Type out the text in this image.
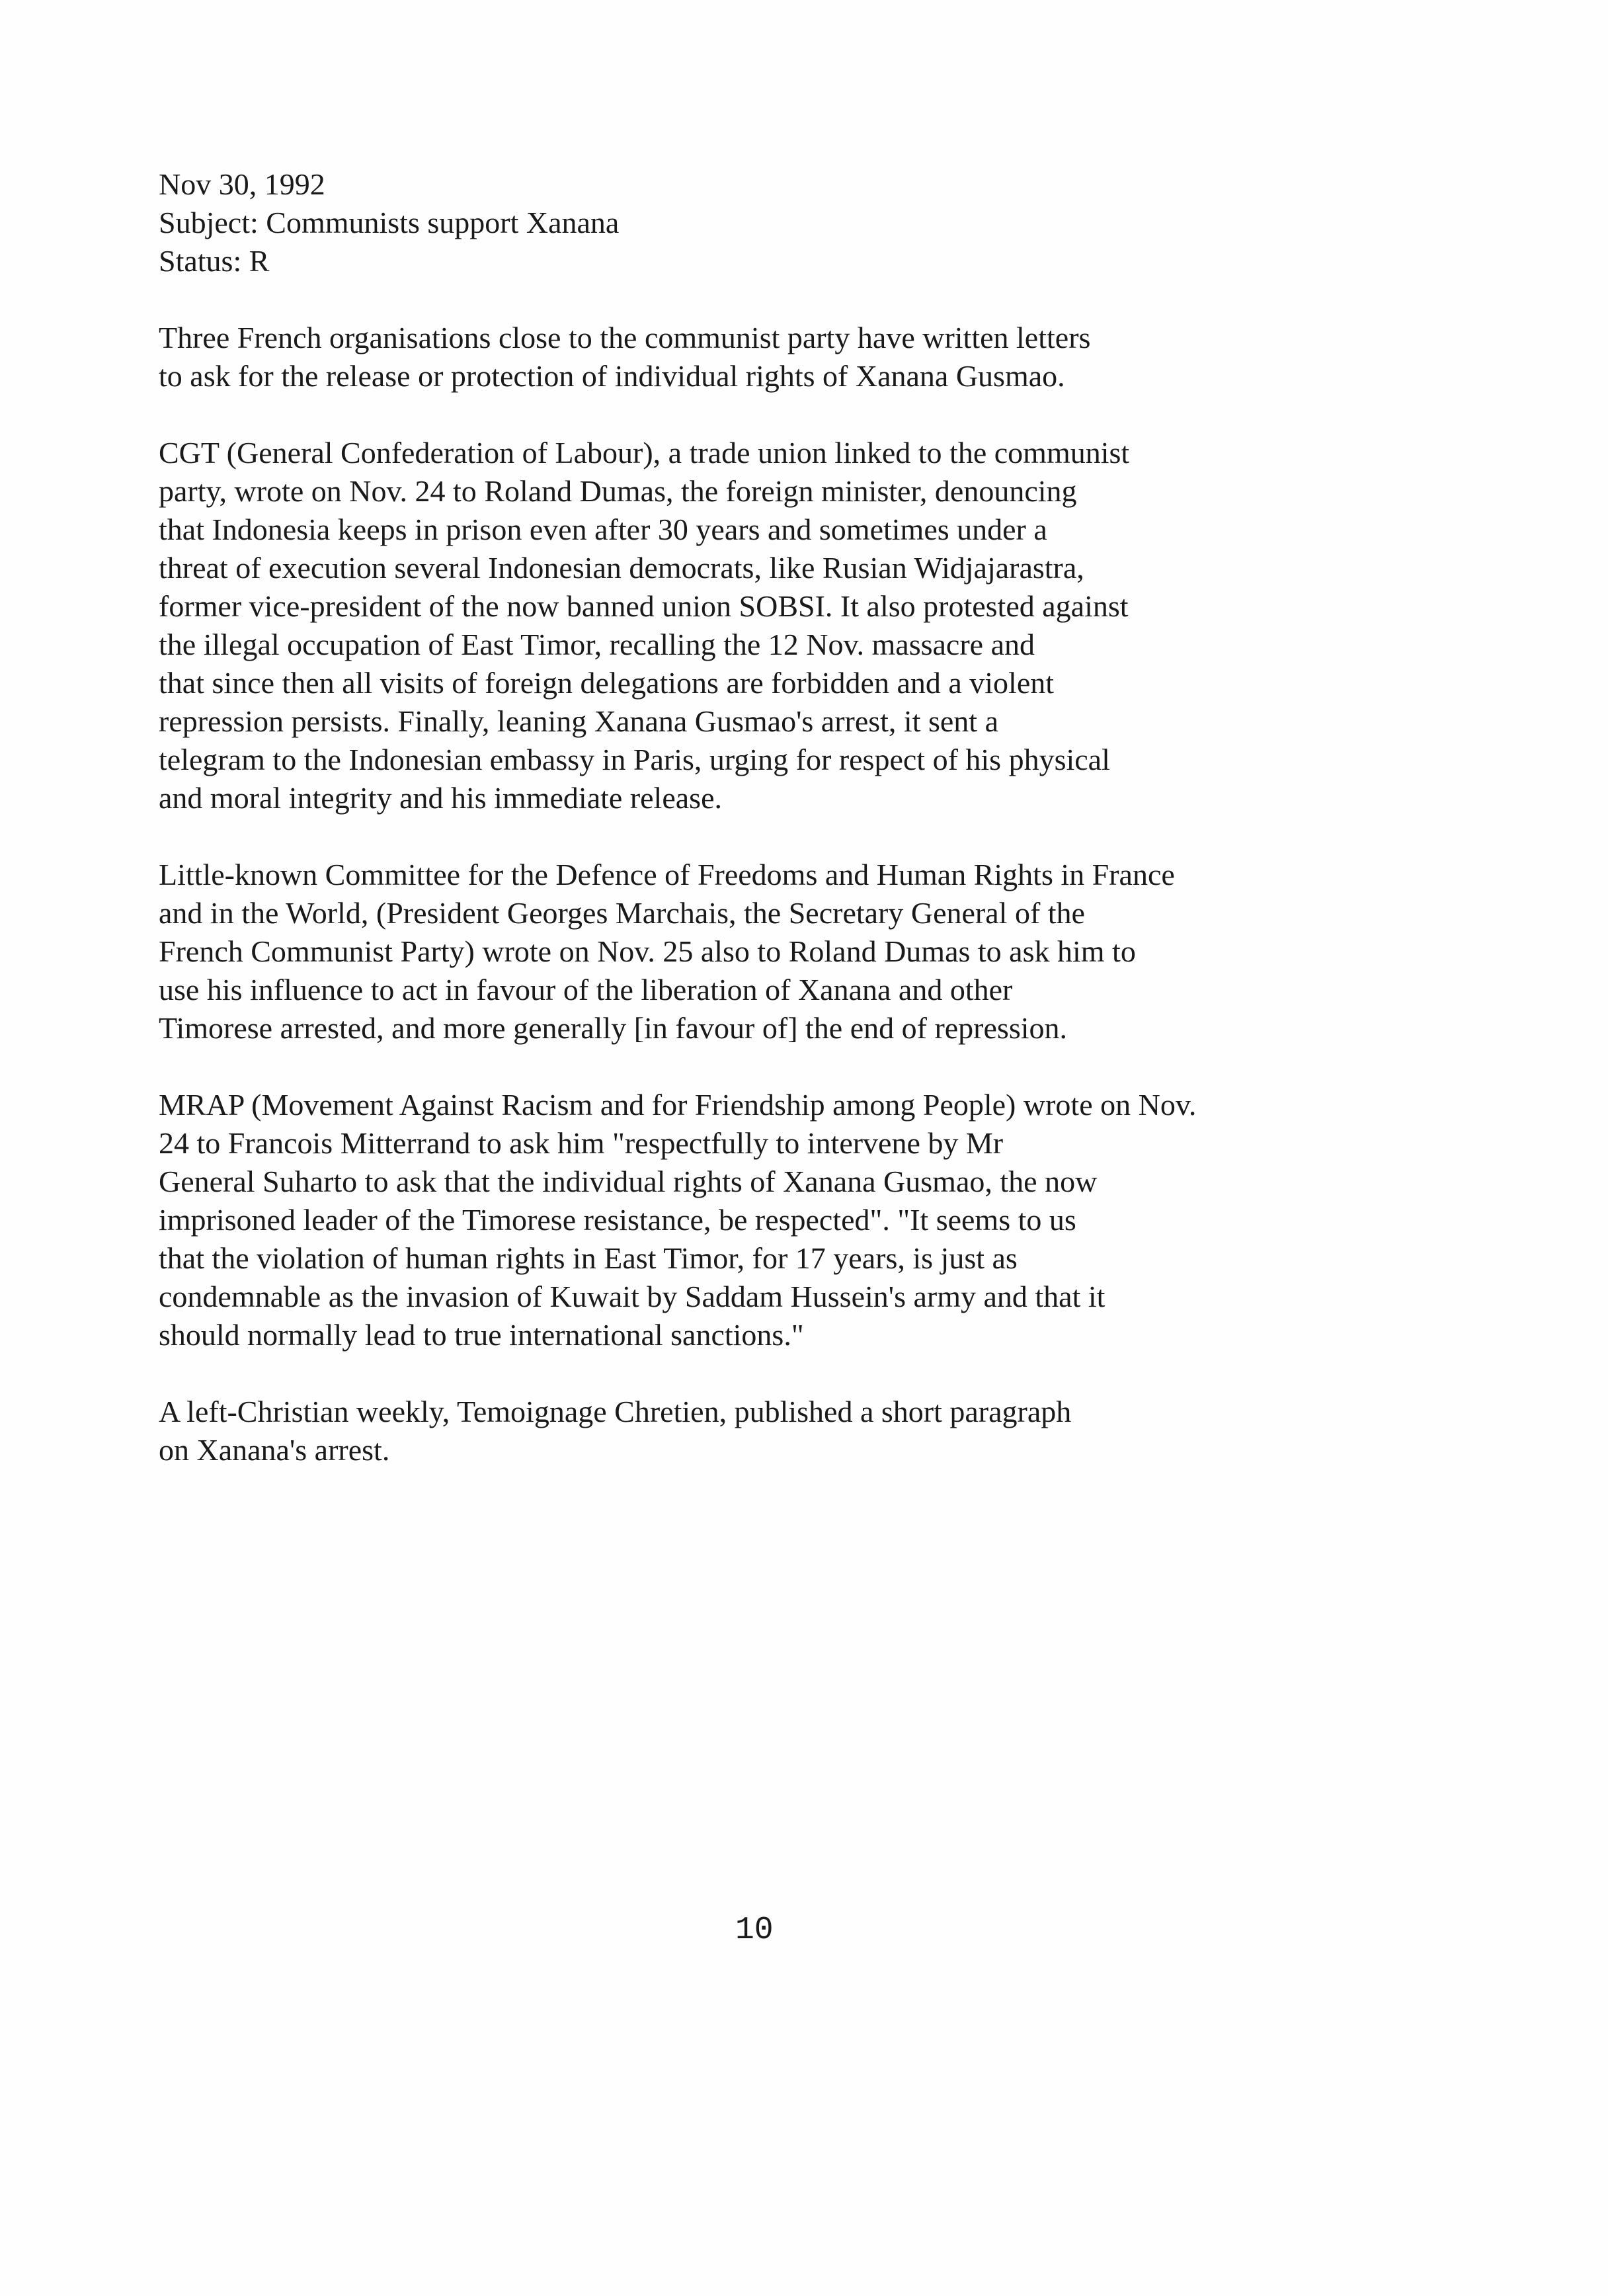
Nov 30, 1992
Subject: Communists support Xanana
Status: R
Three French organisations close to the communist party have written letters
to ask for the release or protection of individual rights of Xanana Gusmao.
CGT (General Confederation of Labour), a trade union linked to the communist
party, wrote on Nov. 24 to Roland Dumas, the foreign minister, denouncing
that Indonesia keeps in prison even after 30 years and sometimes under a
threat of execution several Indonesian democrats, like Rusian Widjajarastra,
former vice-president of the now banned union SOBSI. It also protested against
the illegal occupation of East Timor, recalling the 12 Nov. massacre and
that since then all visits of foreign delegations are forbidden and a violent
repression persists. Finally, leaning Xanana Gusmao's arrest, it sent a
telegram to the Indonesian embassy in Paris, urging for respect of his physical
and moral integrity and his immediate release.
Little-known Committee for the Defence of Freedoms and Human Rights in France
and in the World, (President Georges Marchais, the Secretary General of the
French Communist Party) wrote on Nov. 25 also to Roland Dumas to ask him to
use his influence to act in favour of the liberation of Xanana and other
Timorese arrested, and more generally [in favour of] the end of repression.
MRAP (Movement Against Racism and for Friendship among People) wrote on Nov.
24 to Francois Mitterrand to ask him "respectfully to intervene by Mr
General Suharto to ask that the individual rights of Xanana Gusmao, the now
imprisoned leader of the Timorese resistance, be respected". "It seems to us
that the violation of human rights in East Timor, for 17 years, is just as
condemnable as the invasion of Kuwait by Saddam Hussein's army and that it
should normally lead to true international sanctions."
A left-Christian weekly, Temoignage Chretien, published a short paragraph
on Xanana's arrest.
10
